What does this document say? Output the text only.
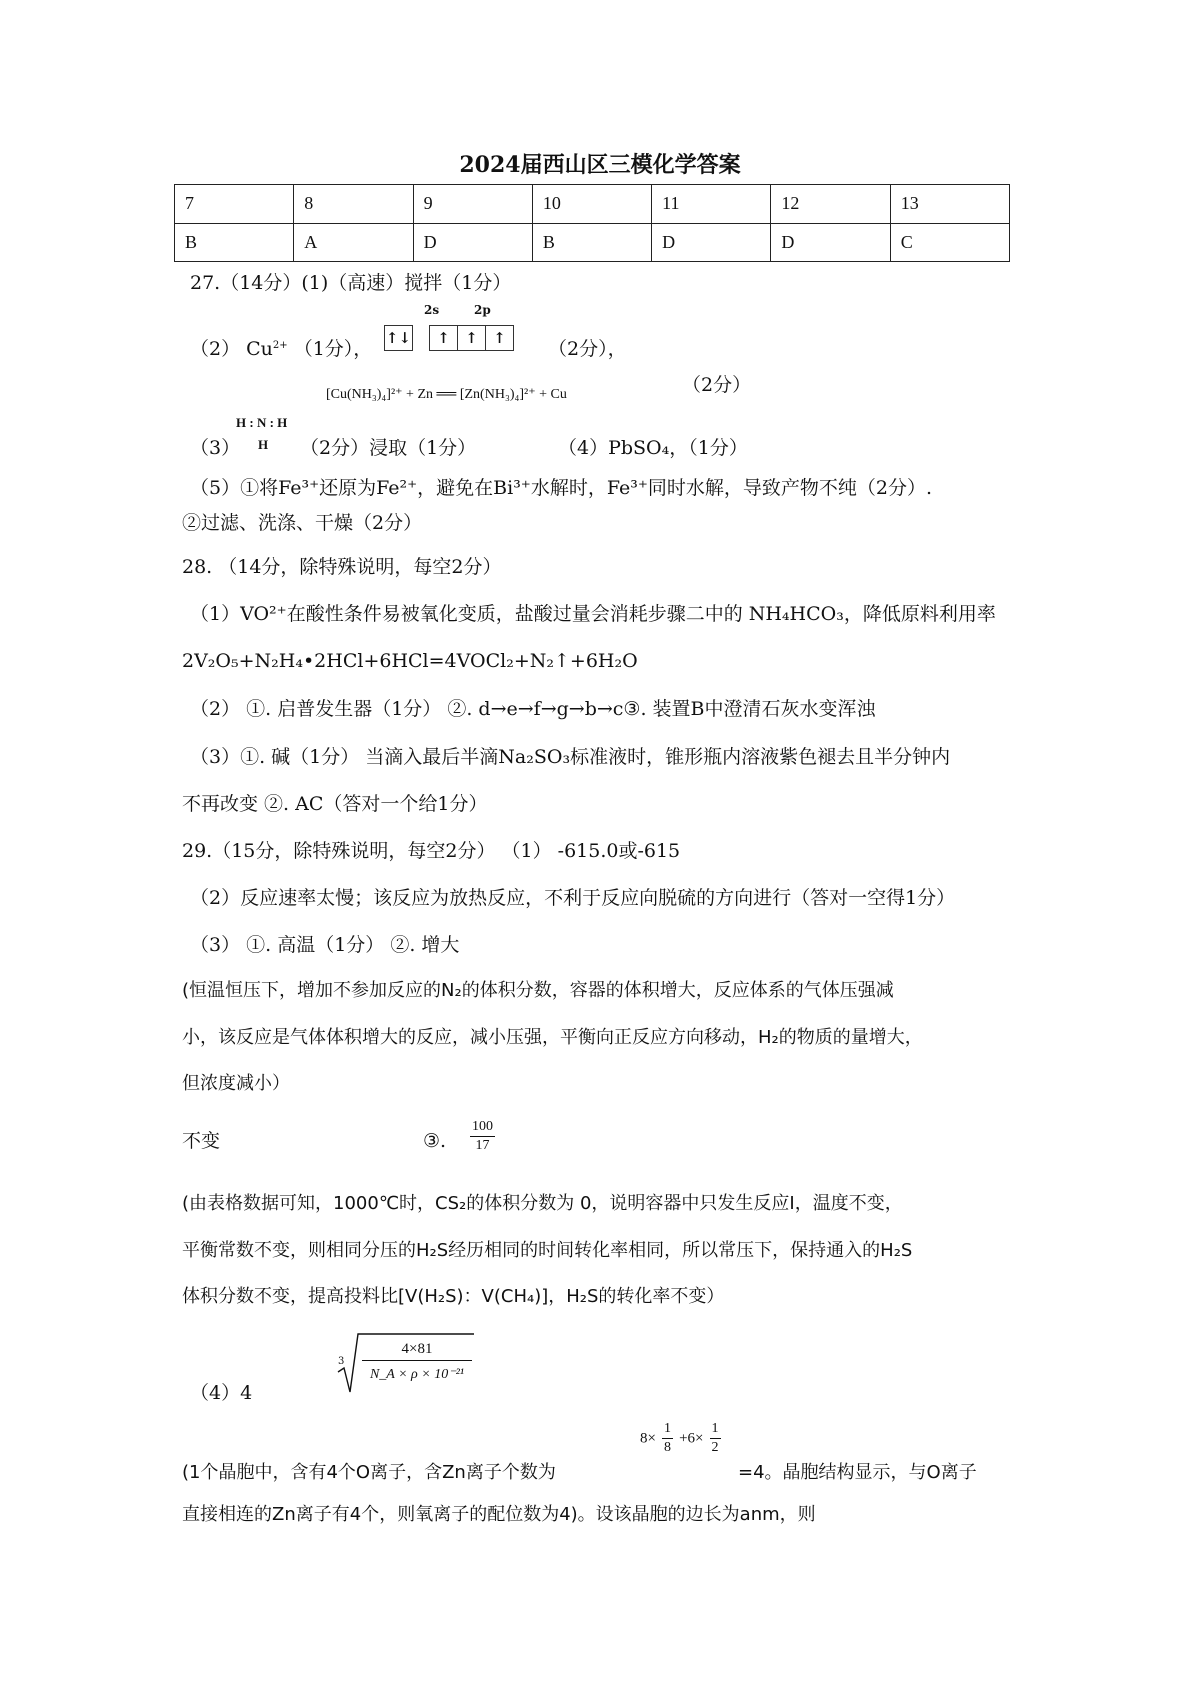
2024届西山区三模化学答案
7	8	9	10	11	12	13
B	A	D	B	D	D	C
27.（14分）(1)（高速）搅拌（1分）
2s	2p
（2） $Cu^{2+}$ （1分）， ↑↓ ↑ ↑ ↑	（2分），
[Cu(NH₃)₄]²⁺ + Zn ══ [Zn(NH₃)₄]²⁺ + Cu	（2分）
H : N : H
H
（3）	（2分）浸取（1分）	（4）PbSO₄，（1分）
（5）①将Fe³⁺还原为Fe²⁺，避免在Bi³⁺水解时，Fe³⁺同时水解，导致产物不纯（2分）.
②过滤、洗涤、干燥（2分）
28. （14分，除特殊说明，每空2分）
（1）VO²⁺在酸性条件易被氧化变质，盐酸过量会消耗步骤二中的 NH₄HCO₃，降低原料利用率
2V₂O₅+N₂H₄•2HCl+6HCl=4VOCl₂+N₂↑+6H₂O
（2） ①. 启普发生器（1分） ②. d→e→f→g→b→c③. 装置B中澄清石灰水变浑浊
（3）①. 碱（1分） 当滴入最后半滴Na₂SO₃标准液时，锥形瓶内溶液紫色褪去且半分钟内
不再改变 ②. AC（答对一个给1分）
29.（15分，除特殊说明，每空2分） （1） -615.0或-615
（2）反应速率太慢；该反应为放热反应，不利于反应向脱硫的方向进行（答对一空得1分）
（3） ①. 高温（1分） ②. 增大
(恒温恒压下，增加不参加反应的N₂的体积分数，容器的体积增大，反应体系的气体压强减
小，该反应是气体体积增大的反应，减小压强，平衡向正反应方向移动，H₂的物质的量增大，
但浓度减小）
不变	③. $\frac{100}{17}$
(由表格数据可知，1000℃时，CS₂的体积分数为 0，说明容器中只发生反应Ⅰ，温度不变，
平衡常数不变，则相同分压的H₂S经历相同的时间转化率相同，所以常压下，保持通入的H₂S
体积分数不变，提高投料比[V(H₂S)：V(CH₄)]，H₂S的转化率不变）
（4）4
3
4×81
N_A × ρ × 10⁻²¹
(1个晶胞中，含有4个O离子，含Zn离子个数为
$8\times \frac{1}{8} +6\times \frac{1}{2}$
=4。晶胞结构显示，与O离子
直接相连的Zn离子有4个，则氧离子的配位数为4)。设该晶胞的边长为anm，则
